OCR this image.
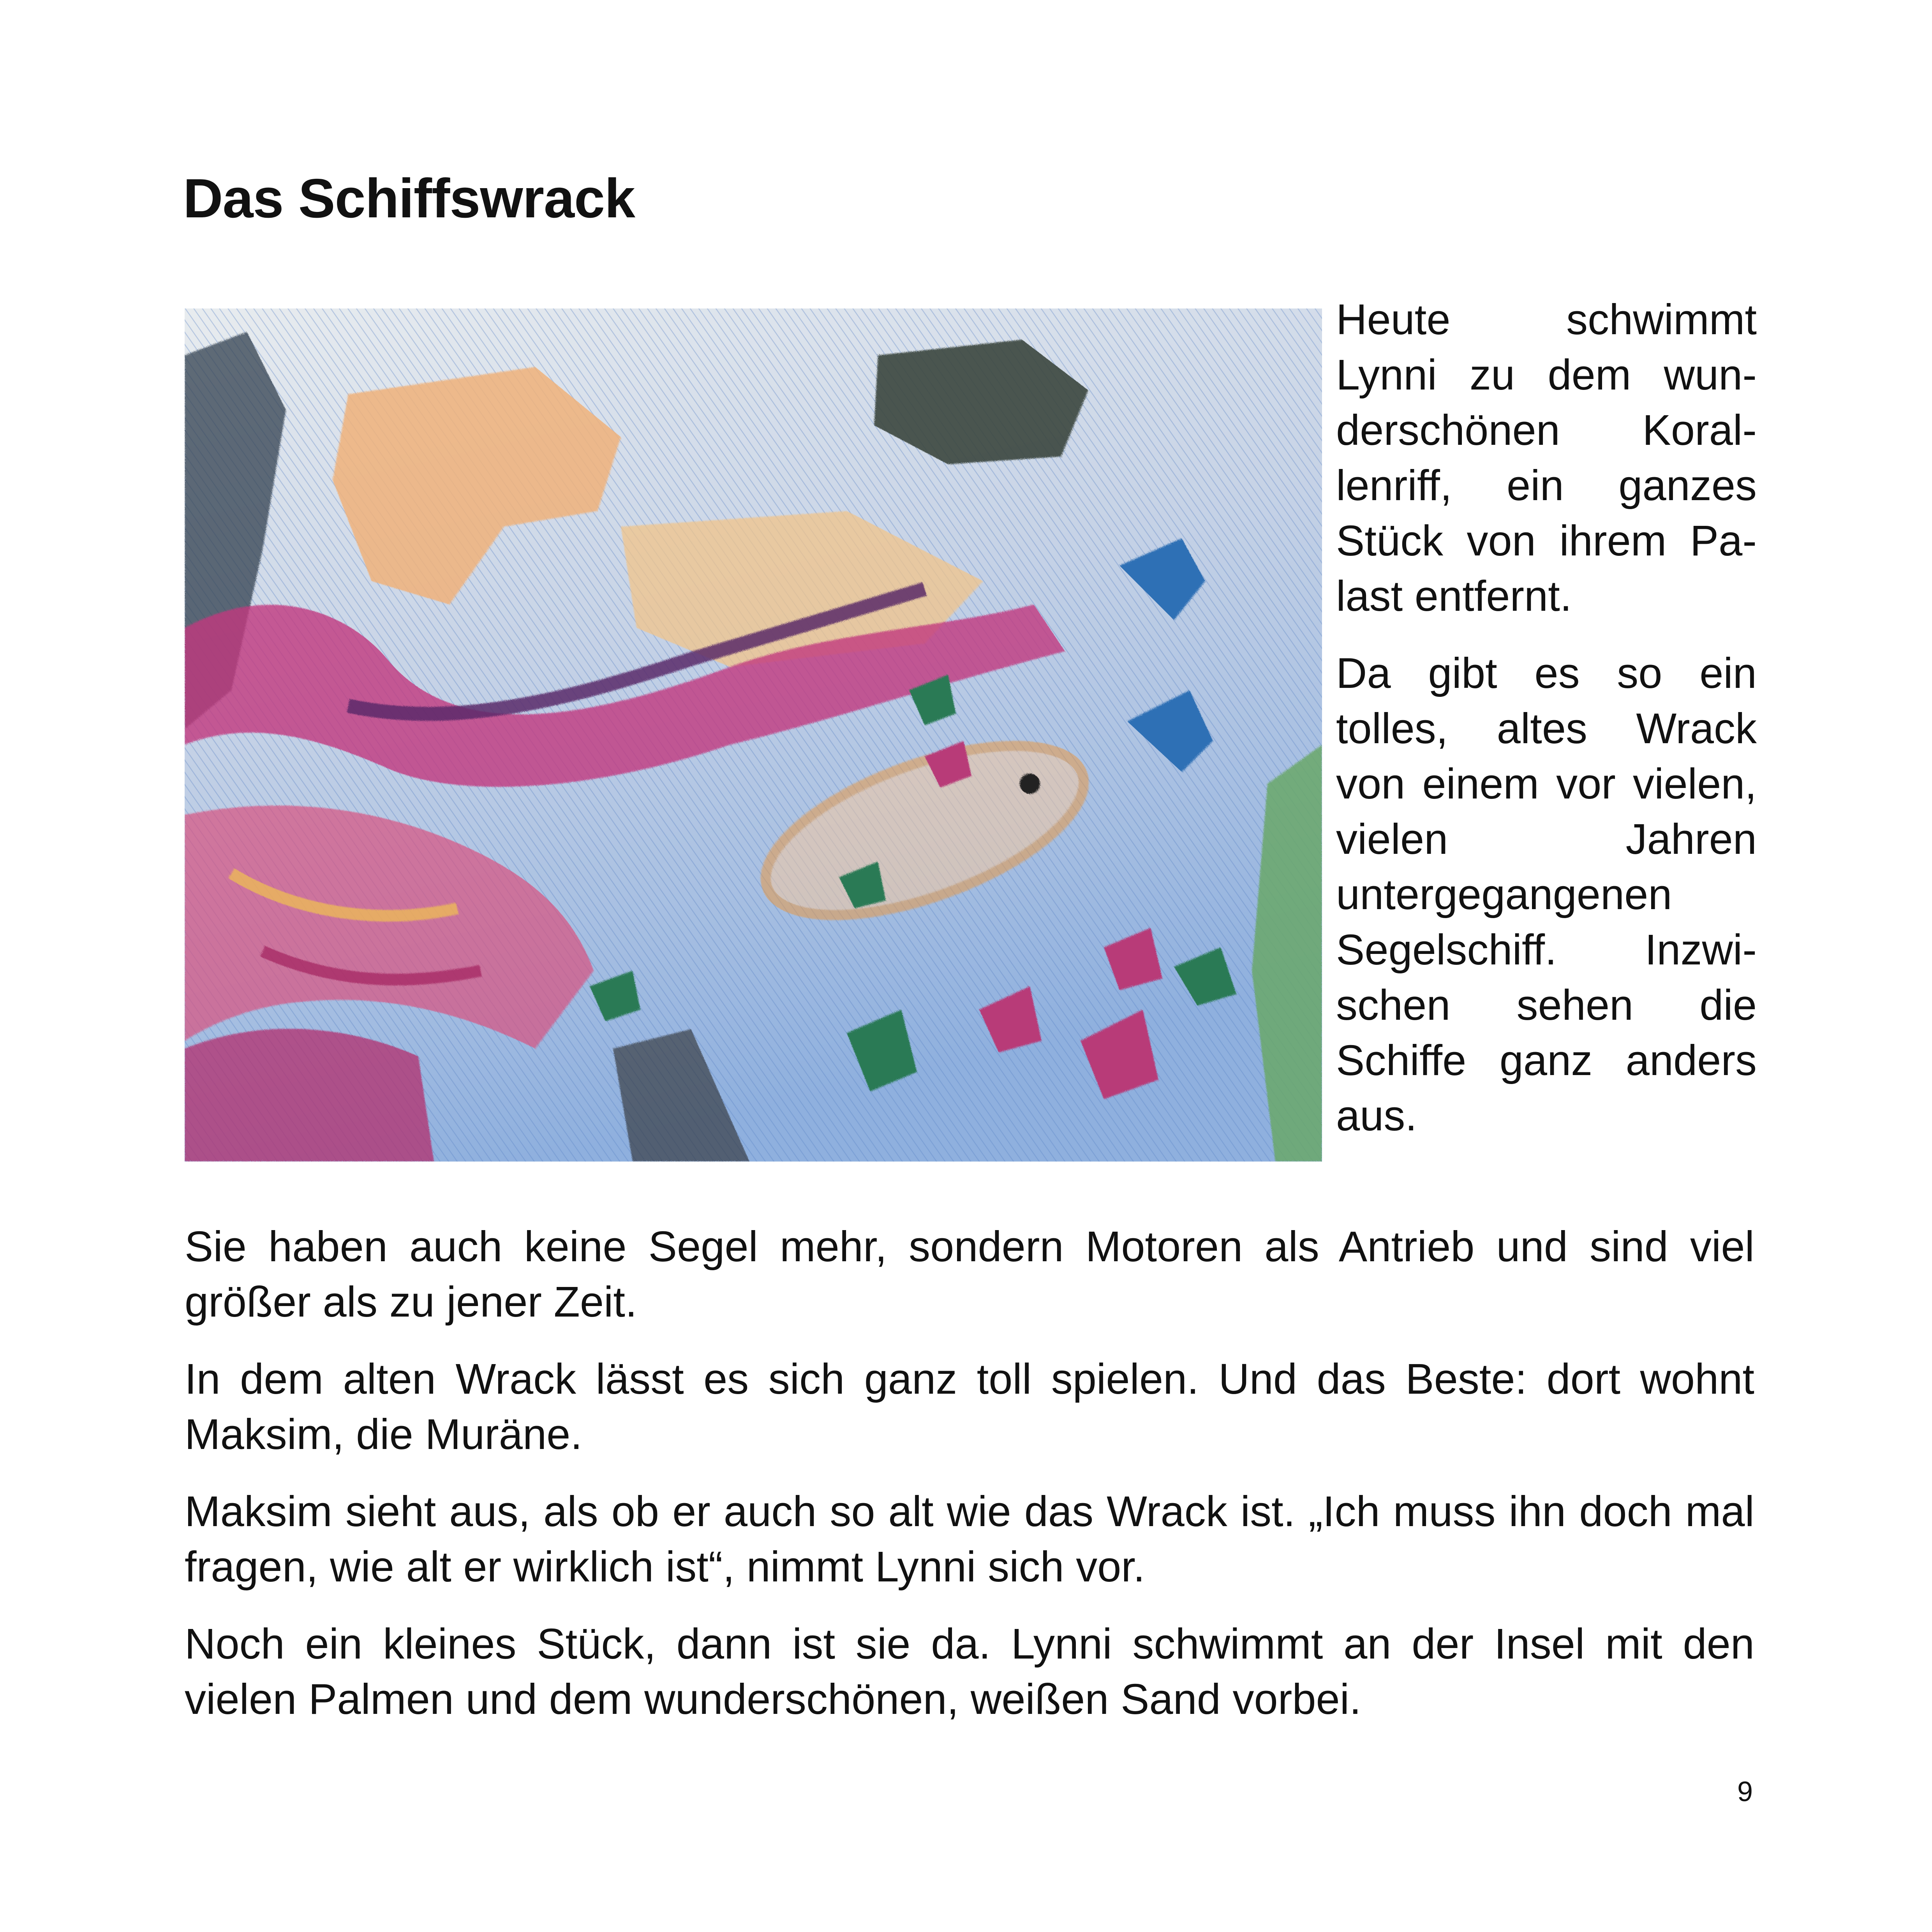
Das Schiffswrack

Heute schwimmt Lynni zu dem wunderschönen Korallenriff, ein ganzes Stück von ihrem Palast entfernt.

Da gibt es so ein tolles, altes Wrack von einem vor vielen, vielen Jahren untergegangenen Segelschiff. Inzwischen sehen die Schiffe ganz anders aus.

Sie haben auch keine Segel mehr, sondern Motoren als Antrieb und sind viel größer als zu jener Zeit.

In dem alten Wrack lässt es sich ganz toll spielen. Und das Beste: dort wohnt Maksim, die Muräne.

Maksim sieht aus, als ob er auch so alt wie das Wrack ist. „Ich muss ihn doch mal fragen, wie alt er wirklich ist“, nimmt Lynni sich vor.

Noch ein kleines Stück, dann ist sie da. Lynni schwimmt an der Insel mit den vielen Palmen und dem wunderschönen, weißen Sand vorbei.

9
